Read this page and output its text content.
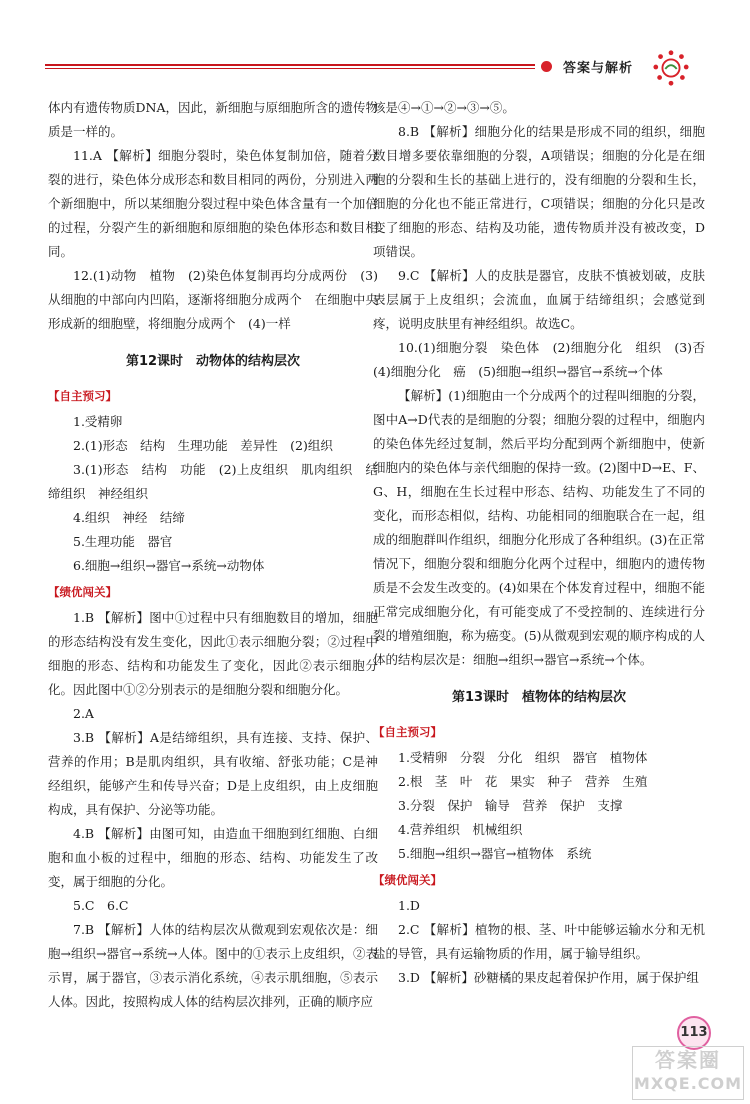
答案与解析
体内有遗传物质DNA，因此，新细胞与原细胞所含的遗传物质是一样的。
11.A 【解析】细胞分裂时，染色体复制加倍，随着分裂的进行，染色体分成形态和数目相同的两份，分别进入两个新细胞中，所以某细胞分裂过程中染色体含量有一个加倍的过程，分裂产生的新细胞和原细胞的染色体形态和数目相同。
12.(1)动物　植物　(2)染色体复制再均分成两份　(3)从细胞的中部向内凹陷，逐渐将细胞分成两个　在细胞中央形成新的细胞壁，将细胞分成两个　(4)一样
第12课时　动物体的结构层次
【自主预习】
1.受精卵
2.(1)形态　结构　生理功能　差异性　(2)组织
3.(1)形态　结构　功能　(2)上皮组织　肌肉组织　结缔组织　神经组织
4.组织　神经　结缔
5.生理功能　器官
6.细胞→组织→器官→系统→动物体
【绩优闯关】
1.B 【解析】图中①过程中只有细胞数目的增加，细胞的形态结构没有发生变化，因此①表示细胞分裂；②过程中细胞的形态、结构和功能发生了变化，因此②表示细胞分化。因此图中①②分别表示的是细胞分裂和细胞分化。
2.A
3.B 【解析】A是结缔组织，具有连接、支持、保护、营养的作用；B是肌肉组织，具有收缩、舒张功能；C是神经组织，能够产生和传导兴奋；D是上皮组织，由上皮细胞构成，具有保护、分泌等功能。
4.B 【解析】由图可知，由造血干细胞到红细胞、白细胞和血小板的过程中，细胞的形态、结构、功能发生了改变，属于细胞的分化。
5.C　6.C
7.B 【解析】人体的结构层次从微观到宏观依次是：细胞→组织→器官→系统→人体。图中的①表示上皮组织，②表示胃，属于器官，③表示消化系统，④表示肌细胞，⑤表示人体。因此，按照构成人体的结构层次排列，正确的顺序应
该是④→①→②→③→⑤。
8.B 【解析】细胞分化的结果是形成不同的组织，细胞数目增多要依靠细胞的分裂，A项错误；细胞的分化是在细胞的分裂和生长的基础上进行的，没有细胞的分裂和生长，细胞的分化也不能正常进行，C项错误；细胞的分化只是改变了细胞的形态、结构及功能，遗传物质并没有被改变，D项错误。
9.C 【解析】人的皮肤是器官，皮肤不慎被划破，皮肤表层属于上皮组织；会流血，血属于结缔组织；会感觉到疼，说明皮肤里有神经组织。故选C。
10.(1)细胞分裂　染色体　(2)细胞分化　组织　(3)否　(4)细胞分化　癌　(5)细胞→组织→器官→系统→个体
【解析】(1)细胞由一个分成两个的过程叫细胞的分裂，图中A→D代表的是细胞的分裂；细胞分裂的过程中，细胞内的染色体先经过复制，然后平均分配到两个新细胞中，使新细胞内的染色体与亲代细胞的保持一致。(2)图中D→E、F、G、H，细胞在生长过程中形态、结构、功能发生了不同的变化，而形态相似，结构、功能相同的细胞联合在一起，组成的细胞群叫作组织，细胞分化形成了各种组织。(3)在正常情况下，细胞分裂和细胞分化两个过程中，细胞内的遗传物质是不会发生改变的。(4)如果在个体发育过程中，细胞不能正常完成细胞分化，有可能变成了不受控制的、连续进行分裂的增殖细胞，称为癌变。(5)从微观到宏观的顺序构成的人体的结构层次是：细胞→组织→器官→系统→个体。
第13课时　植物体的结构层次
【自主预习】
1.受精卵　分裂　分化　组织　器官　植物体
2.根　茎　叶　花　果实　种子　营养　生殖
3.分裂　保护　输导　营养　保护　支撑
4.营养组织　机械组织
5.细胞→组织→器官→植物体　系统
【绩优闯关】
1.D
2.C 【解析】植物的根、茎、叶中能够运输水分和无机盐的导管，具有运输物质的作用，属于输导组织。
3.D 【解析】砂糖橘的果皮起着保护作用，属于保护组
113
答案圈
MXQE.COM
